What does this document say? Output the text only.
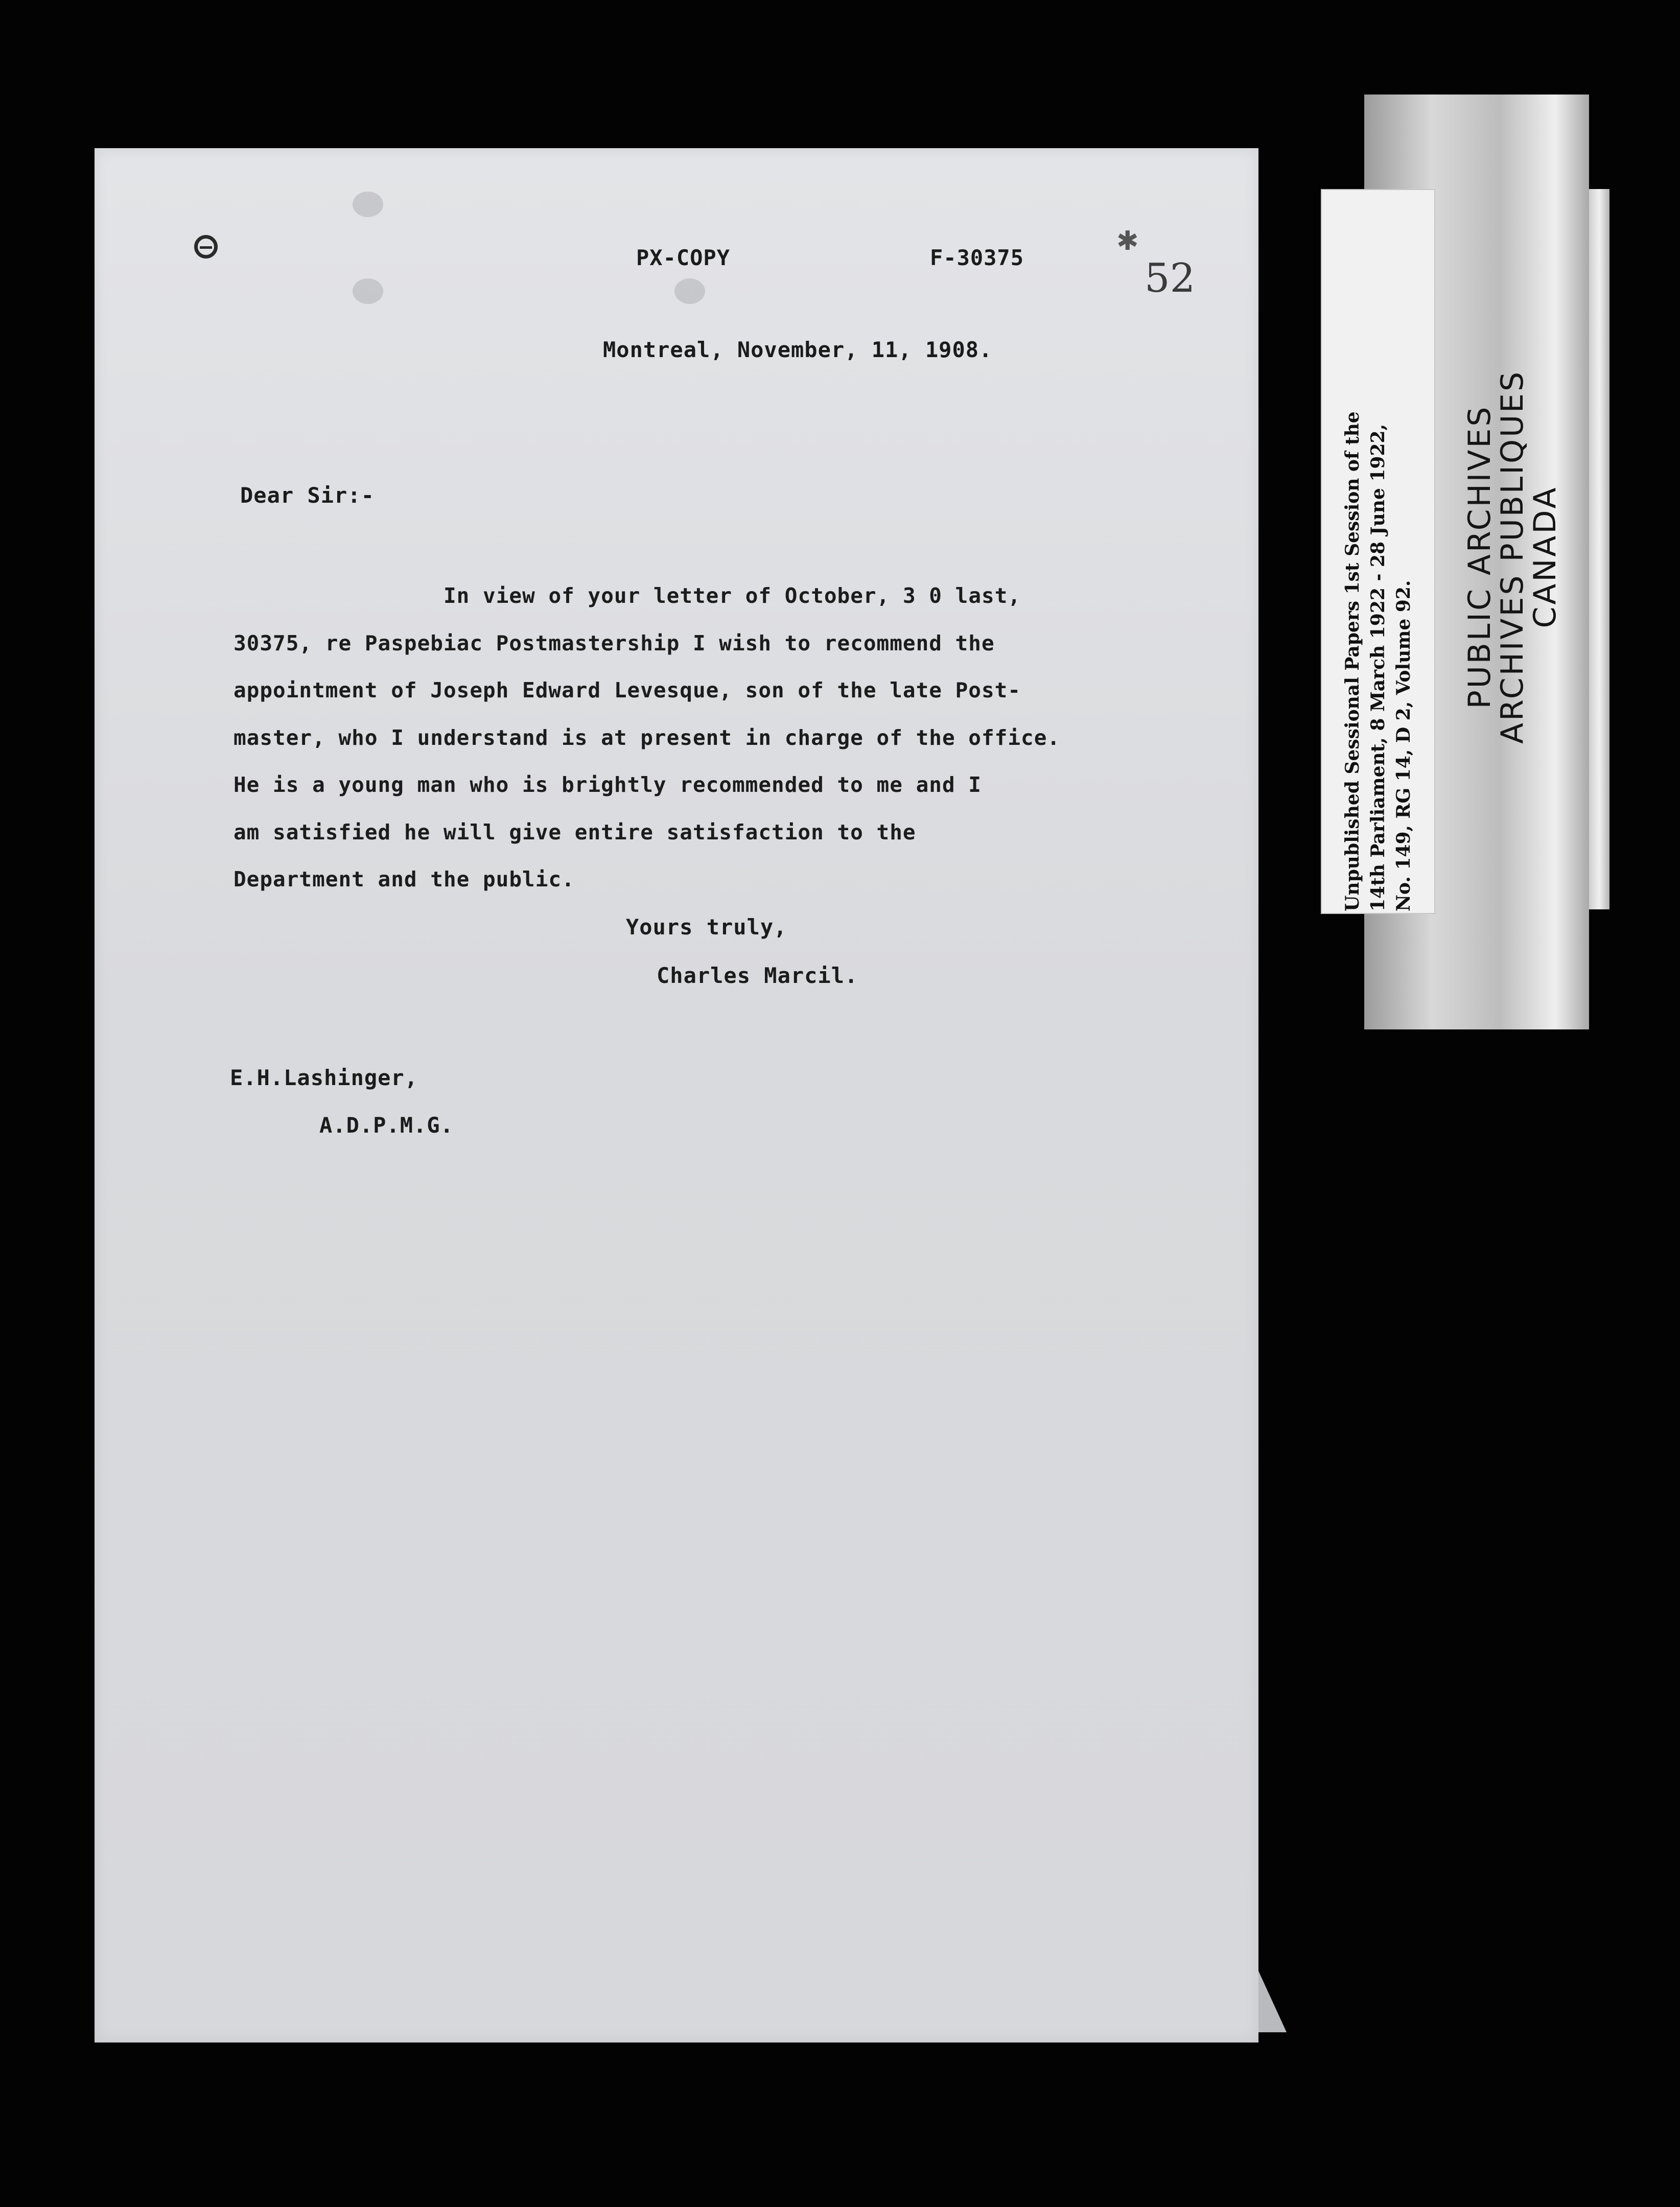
✱

PX-COPY	F-30375	52

Montreal, November, 11, 1908.

Dear Sir:-

In view of your letter of October, 3 0 last,

30375, re Paspebiac Postmastership I wish to recommend the

appointment of Joseph Edward Levesque, son of the late Post-

master, who I understand is at present in charge of the office.

He is a young man who is brightly recommended to me and I

am satisfied he will give entire satisfaction to the

Department and the public.

Yours truly,

Charles Marcil.

E.H.Lashinger,

A.D.P.M.G.

Unpublished Sessional Papers 1st Session of the 14th Parliament, 8 March 1922 - 28 June 1922, No. 149, RG 14, D 2, Volume 92.
PUBLIC ARCHIVES
ARCHIVES PUBLIQUES
CANADA
